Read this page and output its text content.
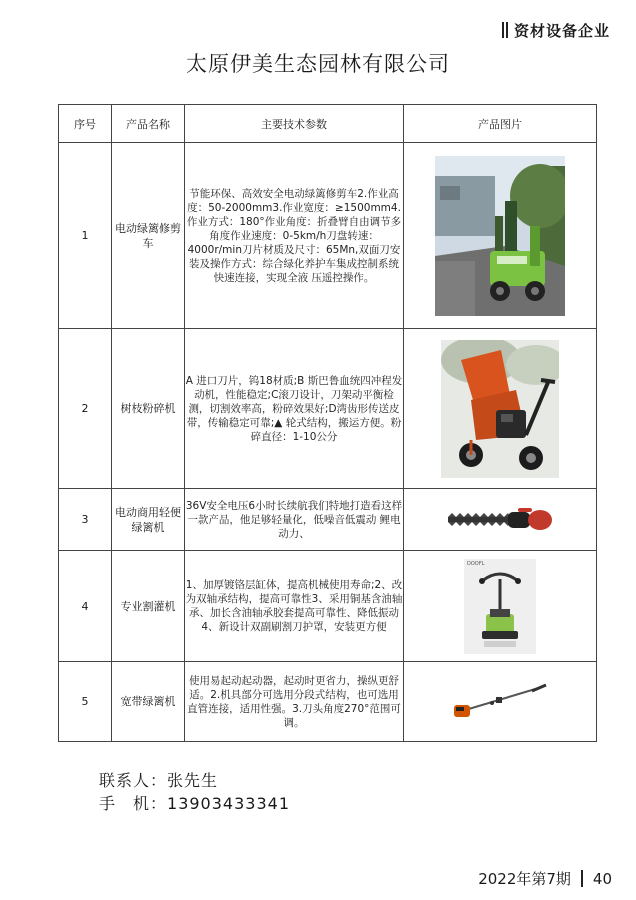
资材设备企业
太原伊美生态园林有限公司
序号	产品名称	主要技术参数	产品图片
1	电动绿篱修剪车	节能环保、高效安全电动绿篱修剪车2.作业高度：50-2000mm3.作业宽度：≥1500mm4.作业方式：180°作业角度：折叠臂自由调节多角度作业速度：0-5km/h刀盘转速：4000r/min刀片材质及尺寸：65Mn,双面刀安装及操作方式：综合绿化养护车集成控制系统快速连接，实现全液 压遥控操作。	

2	树枝粉碎机	A 进口刀片，钨18材质;B 斯巴鲁血统四冲程发动机，性能稳定;C滚刀设计，刀架动平衡检测，切割效率高，粉碎效果好;D湾齿形传送皮带，传输稳定可靠;▲ 轮式结构，搬运方便。粉碎直径：1-10公分	

3	电动商用轻便绿篱机	36V安全电压6小时长续航我们特地打造看这样一款产品，他足够轻量化，低噪音低震动 鲤电动力、	

4	专业割灌机	1、加厚镀铬层缸体，提高机械使用寿命;2、改为双轴承结构，提高可靠性3、采用铜基含油轴承、加长含油轴承胶套提高可靠性、降低振动4、新设计双副刷割刀护罩，安装更方便	DOOFL

5	宽带绿篱机	使用易起动起动器，起动时更省力，操纵更舒适。2.机具部分可选用分段式结构，也可选用直管连接，适用性强。3.刀头角度270°范围可调。	
联系人：张先生
手　机：13903433341
2022年第7期 40
